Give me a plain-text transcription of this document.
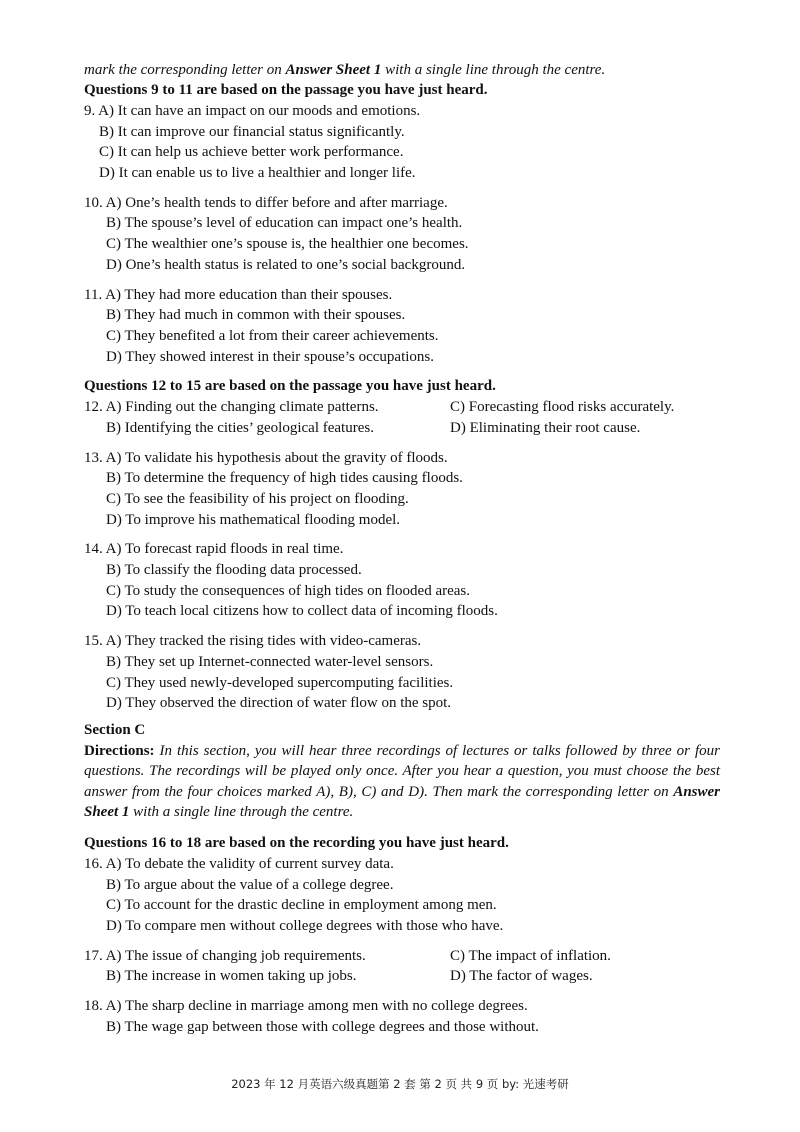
mark the corresponding letter on Answer Sheet 1 with a single line through the centre.
Questions 9 to 11 are based on the passage you have just heard.
9. A) It can have an impact on our moods and emotions.
B) It can improve our financial status significantly.
C) It can help us achieve better work performance.
D) It can enable us to live a healthier and longer life.
10. A) One’s health tends to differ before and after marriage.
B) The spouse’s level of education can impact one’s health.
C) The wealthier one’s spouse is, the healthier one becomes.
D) One’s health status is related to one’s social background.
11. A) They had more education than their spouses.
B) They had much in common with their spouses.
C) They benefited a lot from their career achievements.
D) They showed interest in their spouse’s occupations.
Questions 12 to 15 are based on the passage you have just heard.
12. A) Finding out the changing climate patterns.	C) Forecasting flood risks accurately.
B) Identifying the cities’ geological features.	D) Eliminating their root cause.
13. A) To validate his hypothesis about the gravity of floods.
B) To determine the frequency of high tides causing floods.
C) To see the feasibility of his project on flooding.
D) To improve his mathematical flooding model.
14. A) To forecast rapid floods in real time.
B) To classify the flooding data processed.
C) To study the consequences of high tides on flooded areas.
D) To teach local citizens how to collect data of incoming floods.
15. A) They tracked the rising tides with video-cameras.
B) They set up Internet-connected water-level sensors.
C) They used newly-developed supercomputing facilities.
D) They observed the direction of water flow on the spot.
Section C
Directions: In this section, you will hear three recordings of lectures or talks followed by three or four questions. The recordings will be played only once. After you hear a question, you must choose the best answer from the four choices marked A), B), C) and D). Then mark the corresponding letter on Answer Sheet 1 with a single line through the centre.
Questions 16 to 18 are based on the recording you have just heard.
16. A) To debate the validity of current survey data.
B) To argue about the value of a college degree.
C) To account for the drastic decline in employment among men.
D) To compare men without college degrees with those who have.
17. A) The issue of changing job requirements.	C) The impact of inflation.
B) The increase in women taking up jobs.	D) The factor of wages.
18. A) The sharp decline in marriage among men with no college degrees.
B) The wage gap between those with college degrees and those without.
2023 年 12 月英语六级真题第 2 套 第 2 页 共 9 页 by: 光速考研
